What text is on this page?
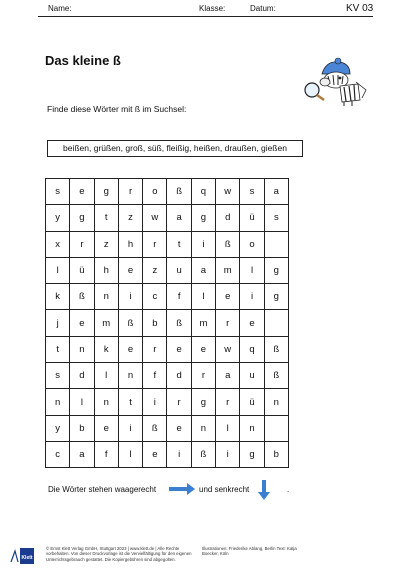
Name:	Klasse:	Datum:	KV 03
Das kleine ß
Finde diese Wörter mit ß im Suchsel:
beißen, grüßen, groß, süß, fleißig, heißen, draußen, gießen
s	e	g	r	o	ß	q	w	s	a
y	g	t	z	w	a	g	d	ü	s
x	r	z	h	r	t	i	ß	o
l	ü	h	e	z	u	a	m	l	g
k	ß	n	i	c	f	l	e	i	g
j	e	m	ß	b	ß	m	r	e
t	n	k	e	r	e	e	w	q	ß
s	d	l	n	f	d	r	a	u	ß
n	l	n	t	i	r	g	r	ü	n
y	b	e	i	ß	e	n	l	n
c	a	f	l	e	i	ß	i	g	b
Die Wörter stehen waagerecht	und senkrecht	.
Klett
© Ernst Klett Verlag GmbH, Stuttgart 2023 | www.klett.de | Alle Rechte vorbehalten. Von dieser Druckvorlage ist die Vervielfältigung für den eigenen Unterrichtsgebrauch gestattet. Die Kopiergebühren sind abgegolten.
Illustrationen: Friederike Ablang, Berlin Text: Katja Boecker, Köln
